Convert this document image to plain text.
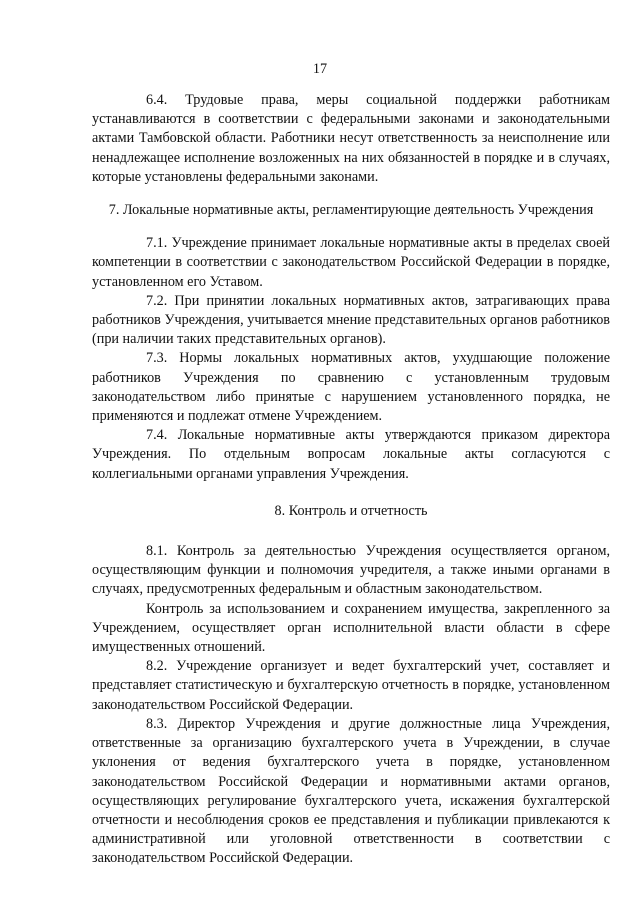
17

6.4. Трудовые права, меры социальной поддержки работникам устанавливаются в соответствии с федеральными законами и законодательными актами Тамбовской области. Работники несут ответственность за неисполнение или ненадлежащее исполнение возложенных на них обязанностей в порядке и в случаях, которые установлены федеральными законами.

7. Локальные нормативные акты, регламентирующие деятельность Учреждения

7.1. Учреждение принимает локальные нормативные акты в пределах своей компетенции в соответствии с законодательством Российской Федерации в порядке, установленном его Уставом.

7.2. При принятии локальных нормативных актов, затрагивающих права работников Учреждения, учитывается мнение представительных органов работников (при наличии таких представительных органов).

7.3. Нормы локальных нормативных актов, ухудшающие положение работников Учреждения по сравнению с установленным трудовым законодательством либо принятые с нарушением установленного порядка, не применяются и подлежат отмене Учреждением.

7.4. Локальные нормативные акты утверждаются приказом директора Учреждения. По отдельным вопросам локальные акты согласуются с коллегиальными органами управления Учреждения.

8. Контроль и отчетность

8.1. Контроль за деятельностью Учреждения осуществляется органом, осуществляющим функции и полномочия учредителя, а также иными органами в случаях, предусмотренных федеральным и областным законодательством.

Контроль за использованием и сохранением имущества, закрепленного за Учреждением, осуществляет орган исполнительной власти области в сфере имущественных отношений.

8.2. Учреждение организует и ведет бухгалтерский учет, составляет и представляет статистическую и бухгалтерскую отчетность в порядке, установленном законодательством Российской Федерации.

8.3. Директор Учреждения и другие должностные лица Учреждения, ответственные за организацию бухгалтерского учета в Учреждении, в случае уклонения от ведения бухгалтерского учета в порядке, установленном законодательством Российской Федерации и нормативными актами органов, осуществляющих регулирование бухгалтерского учета, искажения бухгалтерской отчетности и несоблюдения сроков ее представления и публикации привлекаются к административной или уголовной ответственности в соответствии с законодательством Российской Федерации.
